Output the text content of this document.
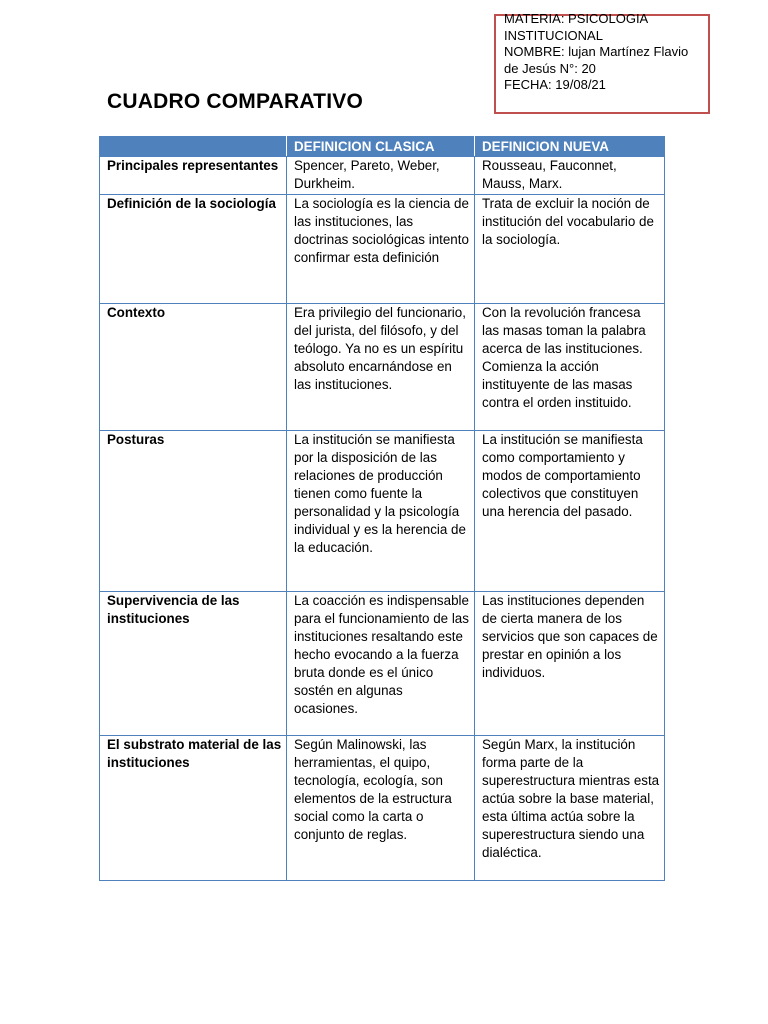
MATERIA: PSICOLOGIA
INSTITUCIONAL
NOMBRE: lujan Martínez Flavio
de Jesús N°: 20
FECHA: 19/08/21
CUADRO COMPARATIVO
	DEFINICION CLASICA	DEFINICION NUEVA
Principales representantes	Spencer, Pareto, Weber, Durkheim.	Rousseau, Fauconnet, Mauss, Marx.
Definición de la sociología	La sociología es la ciencia de las instituciones, las doctrinas sociológicas intento confirmar esta definición	Trata de excluir la noción de institución del vocabulario de la sociología.
Contexto	Era privilegio del funcionario, del jurista, del filósofo, y del teólogo. Ya no es un espíritu absoluto encarnándose en las instituciones.	Con la revolución francesa las masas toman la palabra acerca de las instituciones. Comienza la acción instituyente de las masas contra el orden instituido.
Posturas	La institución se manifiesta por la disposición de las relaciones de producción tienen como fuente la personalidad y la psicología individual y es la herencia de la educación.	La institución se manifiesta como comportamiento y modos de comportamiento colectivos que constituyen una herencia del pasado.
Supervivencia de las instituciones	La coacción es indispensable para el funcionamiento de las instituciones resaltando este hecho evocando a la fuerza bruta donde es el único sostén en algunas ocasiones.	Las instituciones dependen de cierta manera de los servicios que son capaces de prestar en opinión a los individuos.
El substrato material de las instituciones	Según Malinowski, las herramientas, el quipo, tecnología, ecología, son elementos de la estructura social como la carta o conjunto de reglas.	Según Marx, la institución forma parte de la superestructura mientras esta actúa sobre la base material, esta última actúa sobre la superestructura siendo una dialéctica.
